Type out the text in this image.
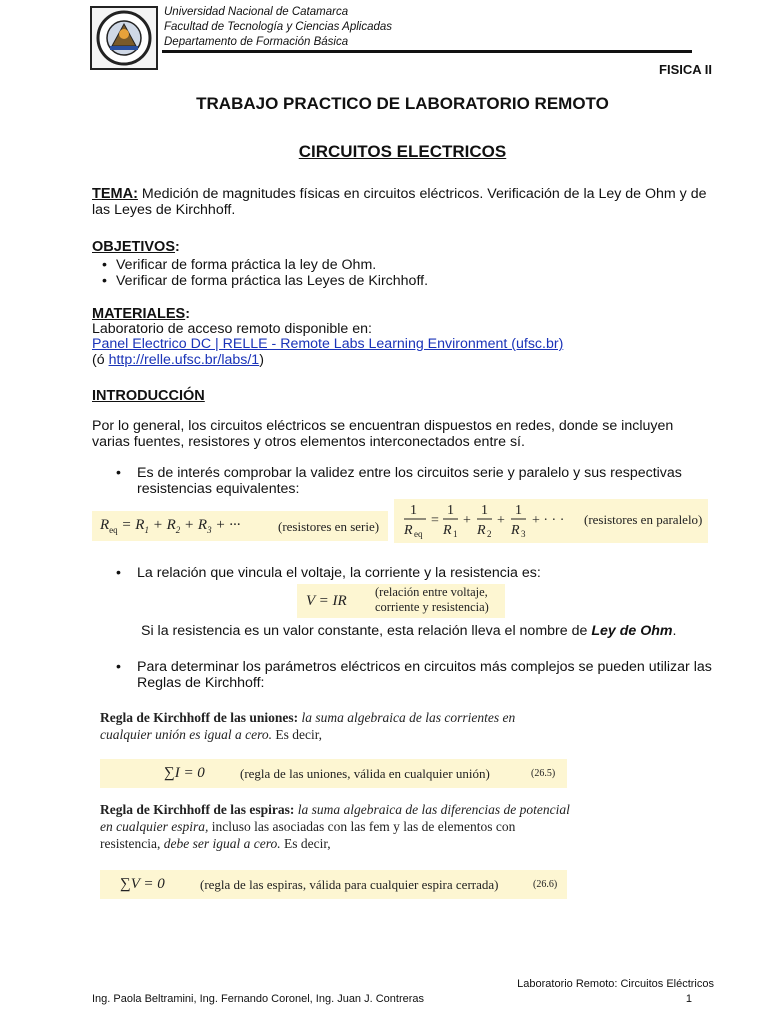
Universidad Nacional de Catamarca
Facultad de Tecnología y Ciencias Aplicadas
Departamento de Formación Básica
FISICA II
TRABAJO PRACTICO DE LABORATORIO REMOTO
CIRCUITOS ELECTRICOS
TEMA: Medición de magnitudes físicas en circuitos eléctricos. Verificación de la Ley de Ohm y de las Leyes de Kirchhoff.
OBJETIVOS:
• Verificar de forma práctica la ley de Ohm.
• Verificar de forma práctica las Leyes de Kirchhoff.
MATERIALES:
Laboratorio de acceso remoto disponible en:
Panel Electrico DC | RELLE - Remote Labs Learning Environment (ufsc.br)
(ó http://relle.ufsc.br/labs/1)
INTRODUCCIÓN
Por lo general, los circuitos eléctricos se encuentran dispuestos en redes, donde se incluyen varias fuentes, resistores y otros elementos interconectados entre sí.
•	Es de interés comprobar la validez entre los circuitos serie y paralelo y sus respectivas resistencias equivalentes:
$R_{eq} = R_1 + R_2 + R_3$ + ···	(resistores en serie)
1
R eq
=
1
R 1
+
1
R 2
+
1
R 3
+ · · · (resistores en paralelo)
•	La relación que vincula el voltaje, la corriente y la resistencia es:
V = IR
(relación entre voltaje,
corriente y resistencia)
Si la resistencia es un valor constante, esta relación lleva el nombre de Ley de Ohm.
•	Para determinar los parámetros eléctricos en circuitos más complejos se pueden utilizar las Reglas de Kirchhoff:
Regla de Kirchhoff de las uniones: la suma algebraica de las corrientes en cualquier unión es igual a cero. Es decir,
∑I = 0	(regla de las uniones, válida en cualquier unión)	(26.5)
Regla de Kirchhoff de las espiras: la suma algebraica de las diferencias de potencial en cualquier espira, incluso las asociadas con las fem y las de elementos con resistencia, debe ser igual a cero. Es decir,
∑V = 0	(regla de las espiras, válida para cualquier espira cerrada)	(26.6)
Laboratorio Remoto: Circuitos Eléctricos
Ing. Paola Beltramini, Ing. Fernando Coronel, Ing. Juan J. Contreras	1
